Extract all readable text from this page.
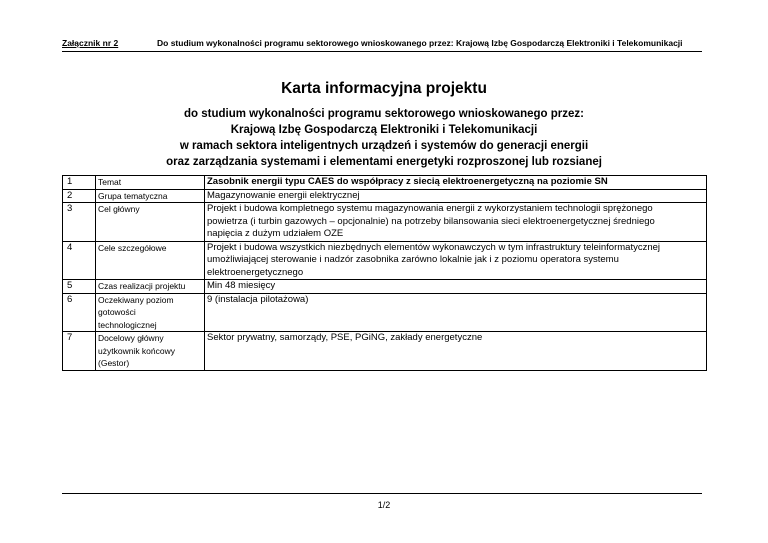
Załącznik nr 2	Do studium wykonalności programu sektorowego wnioskowanego przez: Krajową Izbę Gospodarczą Elektroniki i Telekomunikacji
Karta informacyjna projektu
do studium wykonalności programu sektorowego wnioskowanego przez:
Krajową Izbę Gospodarczą Elektroniki i Telekomunikacji
w ramach sektora inteligentnych urządzeń i systemów do generacji energii
oraz zarządzania systemami i elementami energetyki rozproszonej lub rozsianej
1	Temat	Zasobnik energii typu CAES do współpracy z siecią elektroenergetyczną na poziomie SN
2	Grupa tematyczna	Magazynowanie energii elektrycznej
3	Cel główny	Projekt i budowa kompletnego systemu magazynowania energii z wykorzystaniem technologii sprężonego
powietrza (i turbin gazowych – opcjonalnie) na potrzeby bilansowania sieci elektroenergetycznej średniego
napięcia z dużym udziałem OZE

4	Cele szczegółowe	Projekt i budowa wszystkich niezbędnych elementów wykonawczych w tym infrastruktury teleinformatycznej
umożliwiającej sterowanie i nadzór zasobnika zarówno lokalnie jak i z poziomu operatora systemu
elektroenergetycznego

5	Czas realizacji projektu	Min 48 miesięcy
6	Oczekiwany poziom
gotowości
technologicznej	9 (instalacja pilotażowa)
7	Docelowy główny
użytkownik końcowy
(Gestor)	Sektor prywatny, samorządy, PSE, PGiNG, zakłady energetyczne
1/2
